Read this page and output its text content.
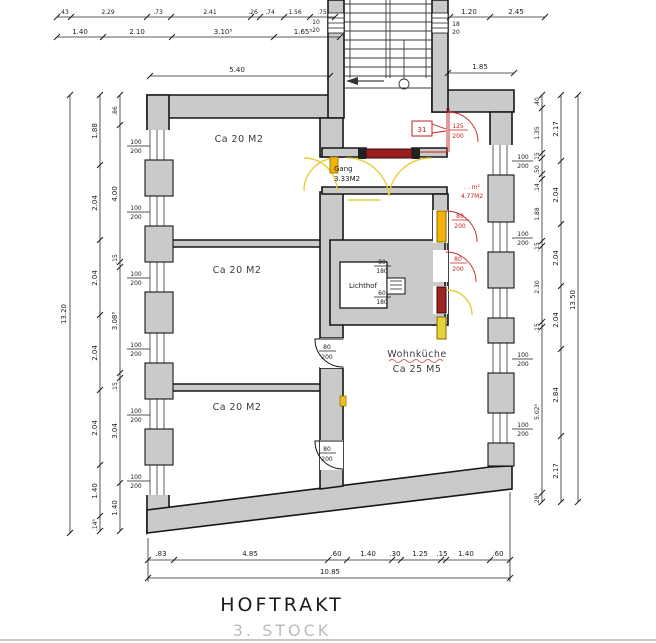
.43	2.29	.73	2.41	.26 .74 1.56	.75
1.40	2.10	3.10⁵	1.65⁵
10
20
1.20	2.45
18
20
1.85
5.40
13.20
1.88
2.04
2.04
2.04
2.04
1.40
.14⁵
.86
4.00
.15
3.08⁵
.15
3.04
1.40
.40
1.35
.15
.50
.14
1.88
.15
2.30
.15
5.02⁵
.28⁵
2.17
2.04
2.04
2.04
2.84
2.17
13.50
.83	4.85	.60	1.40 .30 1.25 .15 1.40	.60
10.85
100
200
100
200
100
200
100
200
100
200
100
200
100
200
100
200
100
200
100
200
80
180
60
180
125
200
80
200
80
200
80
200
80
200
Ca 20 M2
Ca 20 M2
Ca 20 M2
Gang
3.33M2
Lichthof
Wohnküche
Ca 25 M5
. . m²
4.77M2
31
HOFTRAKT
3. STOCK
